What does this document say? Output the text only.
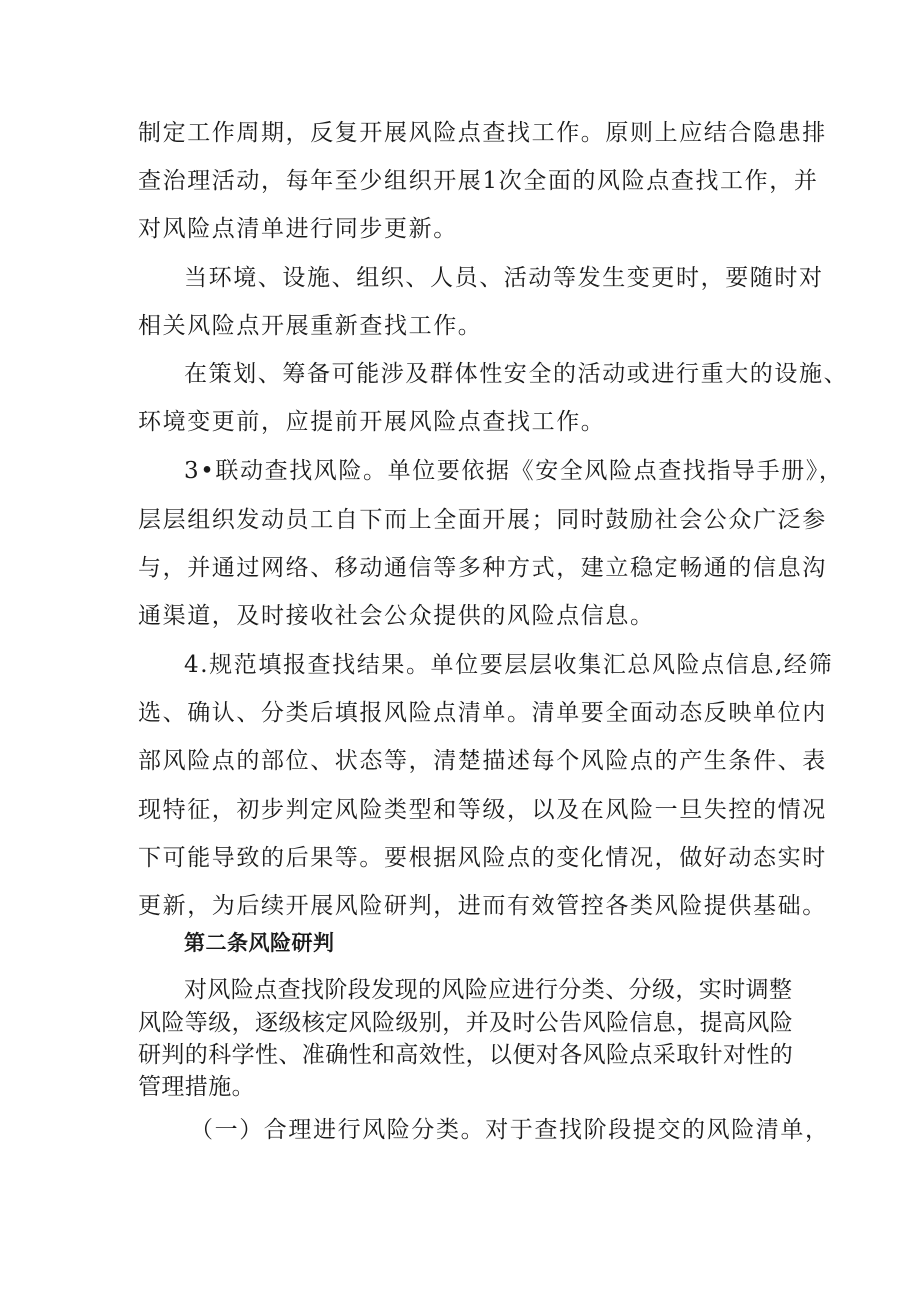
制定工作周期，反复开展风险点查找工作。原则上应结合隐患排
查治理活动，每年至少组织开展1次全面的风险点查找工作，并
对风险点清单进行同步更新。
当环境、设施、组织、人员、活动等发生变更时，要随时对
相关风险点开展重新查找工作。
在策划、筹备可能涉及群体性安全的活动或进行重大的设施、
环境变更前，应提前开展风险点查找工作。
3•联动查找风险。单位要依据《安全风险点查找指导手册》，
层层组织发动员工自下而上全面开展；同时鼓励社会公众广泛参
与，并通过网络、移动通信等多种方式，建立稳定畅通的信息沟
通渠道，及时接收社会公众提供的风险点信息。
4.规范填报查找结果。单位要层层收集汇总风险点信息,经筛
选、确认、分类后填报风险点清单。清单要全面动态反映单位内
部风险点的部位、状态等，清楚描述每个风险点的产生条件、表
现特征，初步判定风险类型和等级，以及在风险一旦失控的情况
下可能导致的后果等。要根据风险点的变化情况，做好动态实时
更新，为后续开展风险研判，进而有效管控各类风险提供基础。
第二条风险研判
对风险点查找阶段发现的风险应进行分类、分级，实时调整
风险等级，逐级核定风险级别，并及时公告风险信息，提高风险
研判的科学性、准确性和高效性，以便对各风险点采取针对性的
管理措施。
（一）合理进行风险分类。对于查找阶段提交的风险清单，
